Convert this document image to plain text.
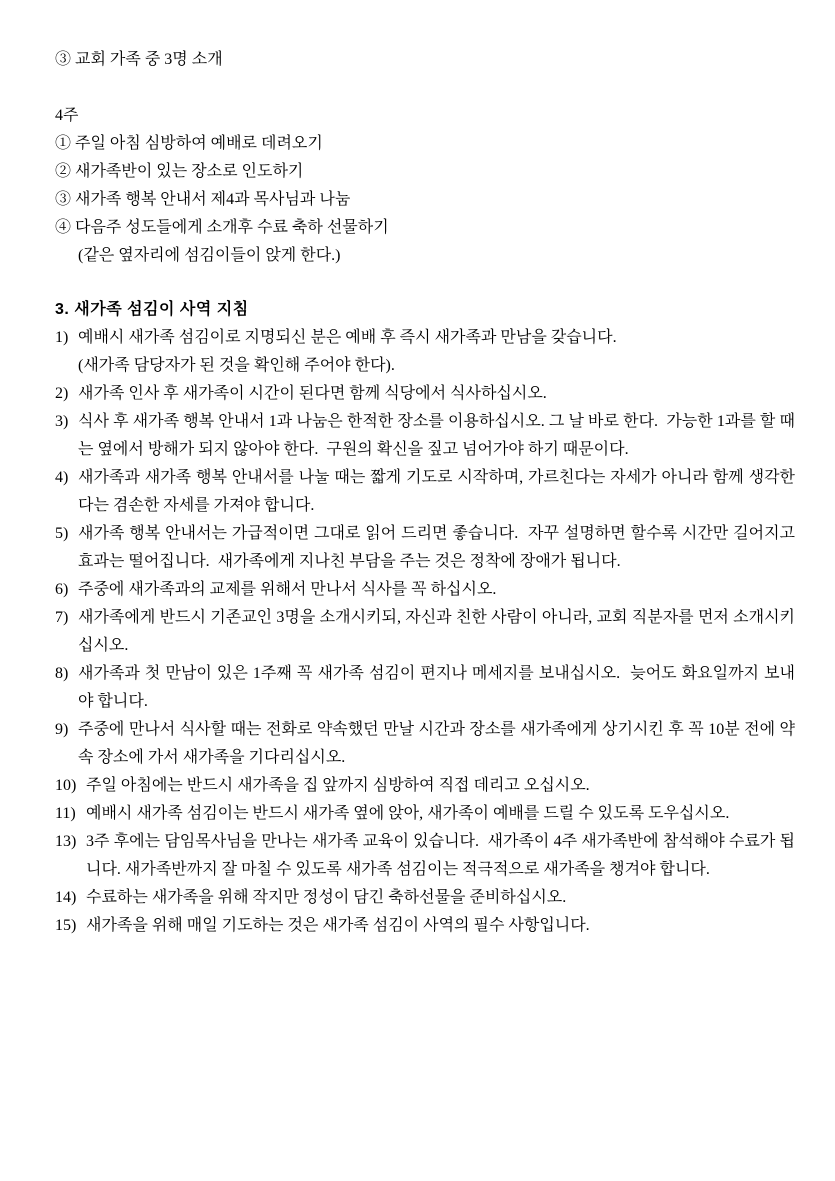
③ 교회 가족 중 3명 소개
4주
① 주일 아침 심방하여 예배로 데려오기
② 새가족반이 있는 장소로 인도하기
③ 새가족 행복 안내서 제4과 목사님과 나눔
④ 다음주 성도들에게 소개후 수료 축하 선물하기
(같은 옆자리에 섬김이들이 앉게 한다.)
3. 새가족 섬김이 사역 지침
1) 예배시 새가족 섬김이로 지명되신 분은 예배 후 즉시 새가족과 만남을 갖습니다.
(새가족 담당자가 된 것을 확인해 주어야 한다).
2) 새가족 인사 후 새가족이 시간이 된다면 함께 식당에서 식사하십시오.
3) 식사 후 새가족 행복 안내서 1과 나눔은 한적한 장소를 이용하십시오. 그 날 바로 한다.  가능한 1과를 할 때는 옆에서 방해가 되지 않아야 한다.  구원의 확신을 짚고 넘어가야 하기 때문이다.
4) 새가족과 새가족 행복 안내서를 나눌 때는 짧게 기도로 시작하며, 가르친다는 자세가 아니라 함께 생각한다는 겸손한 자세를 가져야 합니다.
5) 새가족 행복 안내서는 가급적이면 그대로 읽어 드리면 좋습니다.  자꾸 설명하면 할수록 시간만 길어지고 효과는 떨어집니다.  새가족에게 지나친 부담을 주는 것은 정착에 장애가 됩니다.
6) 주중에 새가족과의 교제를 위해서 만나서 식사를 꼭 하십시오.
7) 새가족에게 반드시 기존교인 3명을 소개시키되, 자신과 친한 사람이 아니라, 교회 직분자를 먼저 소개시키십시오.
8) 새가족과 첫 만남이 있은 1주째 꼭 새가족 섬김이 편지나 메세지를 보내십시오.  늦어도 화요일까지 보내야 합니다.
9) 주중에 만나서 식사할 때는 전화로 약속했던 만날 시간과 장소를 새가족에게 상기시킨 후 꼭 10분 전에 약속 장소에 가서 새가족을 기다리십시오.
10) 주일 아침에는 반드시 새가족을 집 앞까지 심방하여 직접 데리고 오십시오.
11) 예배시 새가족 섬김이는 반드시 새가족 옆에 앉아, 새가족이 예배를 드릴 수 있도록 도우십시오.
13) 3주 후에는 담임목사님을 만나는 새가족 교육이 있습니다.  새가족이 4주 새가족반에 참석해야 수료가 됩니다. 새가족반까지 잘 마칠 수 있도록 새가족 섬김이는 적극적으로 새가족을 챙겨야 합니다.
14) 수료하는 새가족을 위해 작지만 정성이 담긴 축하선물을 준비하십시오.
15) 새가족을 위해 매일 기도하는 것은 새가족 섬김이 사역의 필수 사항입니다.
